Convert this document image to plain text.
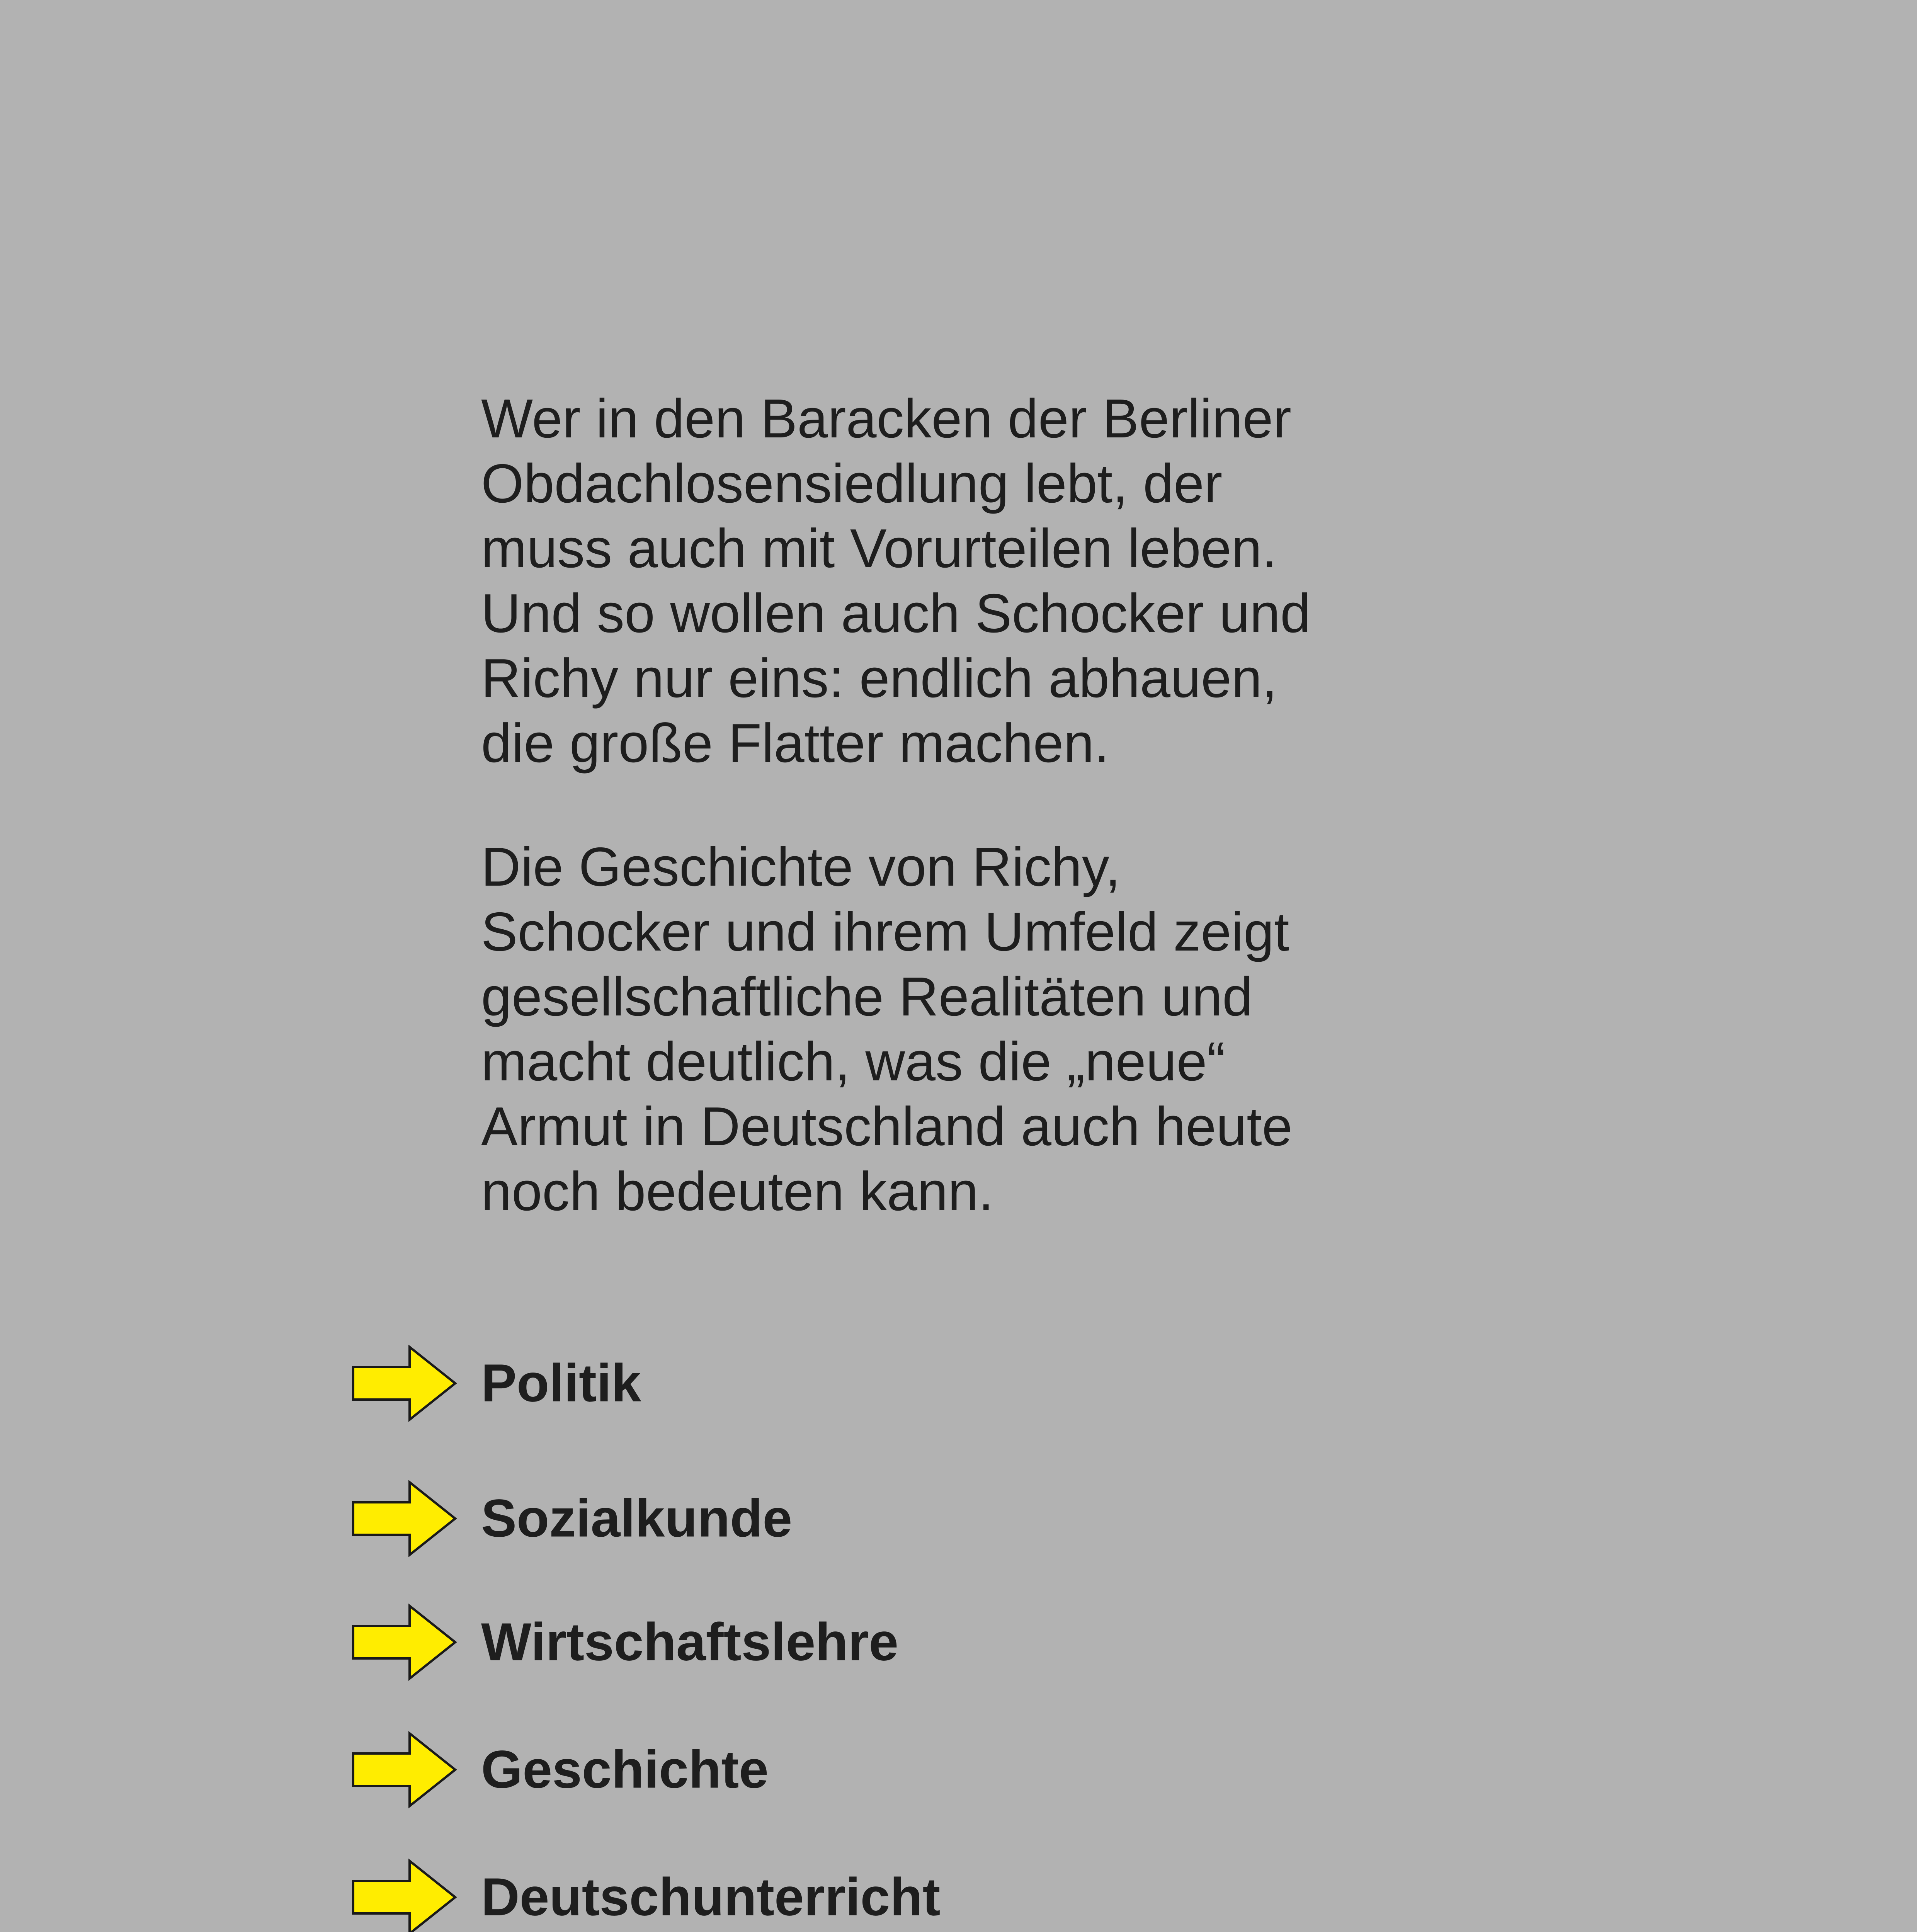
Wer in den Baracken der Berliner
Obdachlosensiedlung lebt, der
muss auch mit Vorurteilen leben.
Und so wollen auch Schocker und
Richy nur eins: endlich abhauen,
die große Flatter machen.
Die Geschichte von Richy,
Schocker und ihrem Umfeld zeigt
gesellschaftliche Realitäten und
macht deutlich, was die „neue“
Armut in Deutschland auch heute
noch bedeuten kann.
Politik
Sozialkunde
Wirtschaftslehre
Geschichte
Deutschunterricht
